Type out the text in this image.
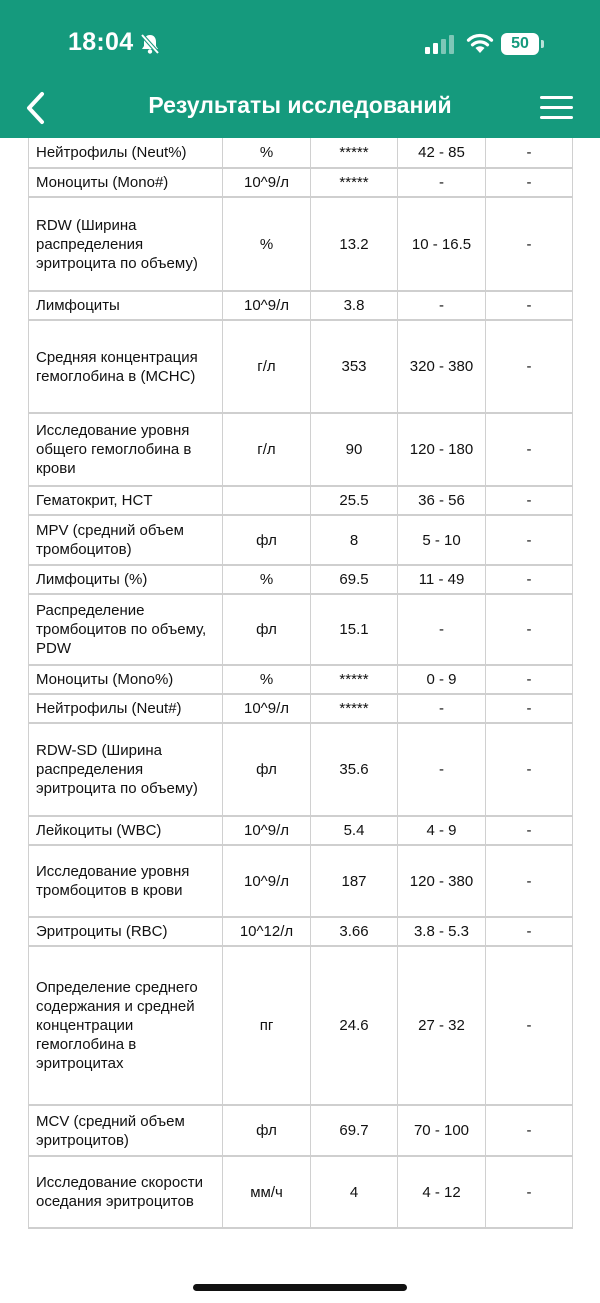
18:04	50
Результаты исследований
Нейтрофилы (Neut%)	%	*****	42 - 85	-
Моноциты (Mono#)	10^9/л	*****	-	-
RDW (Ширина распределения эритроцита по объему)	%	13.2	10 - 16.5	-
Лимфоциты	10^9/л	3.8	-	-
Средняя концентрация гемоглобина в (MCHC)	г/л	353	320 - 380	-
Исследование уровня общего гемоглобина в крови	г/л	90	120 - 180	-
Гематокрит, HCT		25.5	36 - 56	-
MPV (средний объем тромбоцитов)	фл	8	5 - 10	-
Лимфоциты (%)	%	69.5	11 - 49	-
Распределение тромбоцитов по объему, PDW	фл	15.1	-	-
Моноциты (Mono%)	%	*****	0 - 9	-
Нейтрофилы (Neut#)	10^9/л	*****	-	-
RDW-SD (Ширина распределения эритроцита по объему)	фл	35.6	-	-
Лейкоциты (WBC)	10^9/л	5.4	4 - 9	-
Исследование уровня тромбоцитов в крови	10^9/л	187	120 - 380	-
Эритроциты (RBC)	10^12/л	3.66	3.8 - 5.3	-
Определение среднего содержания и средней концентрации гемоглобина в эритроцитах	пг	24.6	27 - 32	-
MCV (средний объем эритроцитов)	фл	69.7	70 - 100	-
Исследование скорости оседания эритроцитов	мм/ч	4	4 - 12	-
